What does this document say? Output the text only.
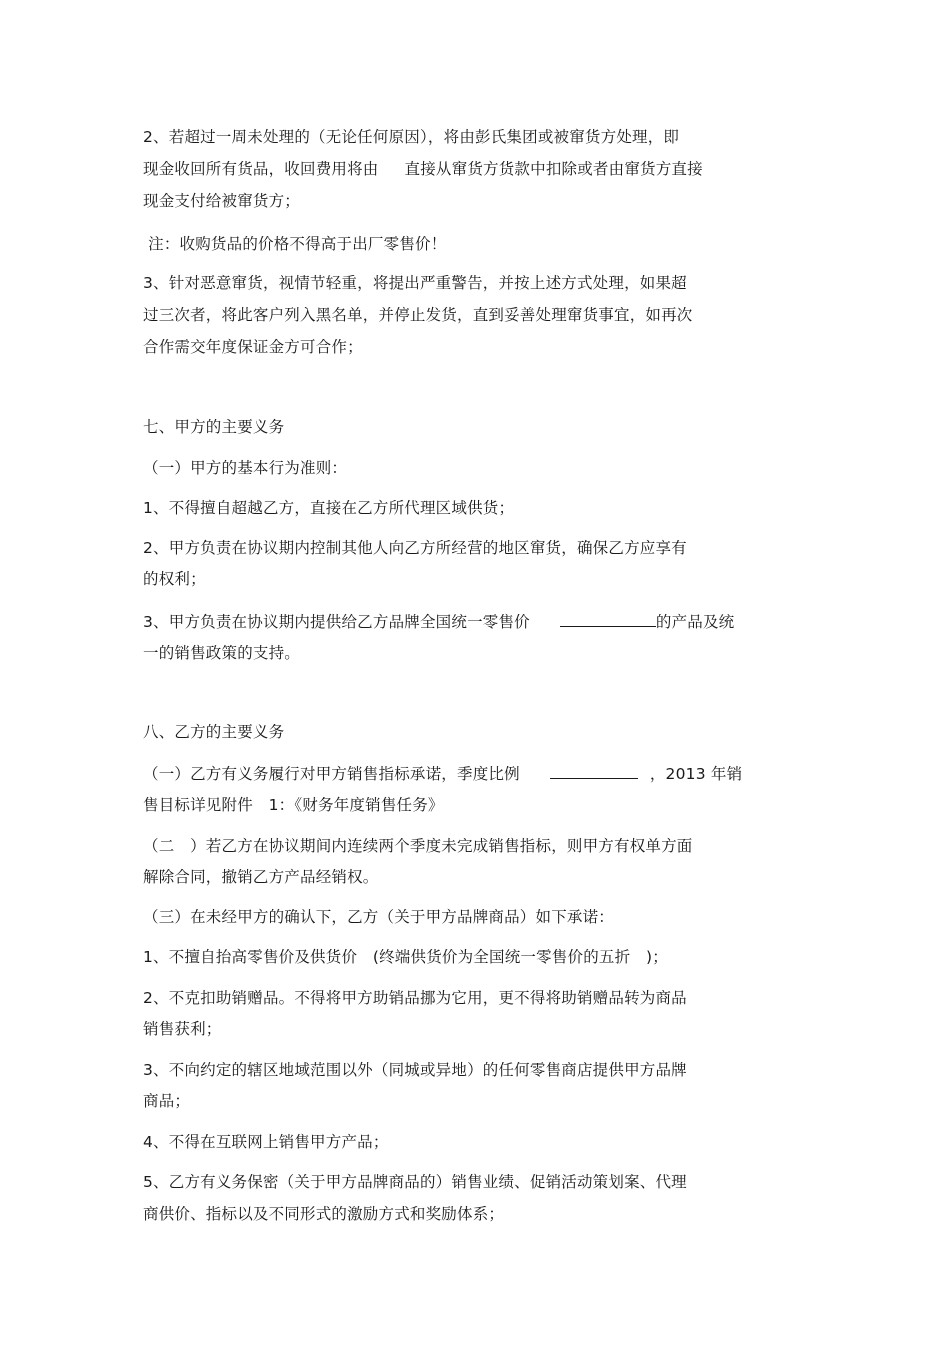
2、若超过一周未处理的（无论任何原因），将由彭氏集团或被窜货方处理，即
现金收回所有货品，收回费用将由 直接从窜货方货款中扣除或者由窜货方直接
现金支付给被窜货方；
注：收购货品的价格不得高于出厂零售价！
3、针对恶意窜货，视情节轻重，将提出严重警告，并按上述方式处理，如果超
过三次者，将此客户列入黑名单，并停止发货，直到妥善处理窜货事宜，如再次
合作需交年度保证金方可合作；
七、甲方的主要义务
（一）甲方的基本行为准则：
1、不得擅自超越乙方，直接在乙方所代理区域供货；
2、甲方负责在协议期内控制其他人向乙方所经营的地区窜货，确保乙方应享有
的权利；
3、甲方负责在协议期内提供给乙方品牌全国统一零售价	的产品及统
一的销售政策的支持。
八、乙方的主要义务
（一）乙方有义务履行对甲方销售指标承诺，季度比例	，2013 年销
售目标详见附件　1：《财务年度销售任务》
（二　）若乙方在协议期间内连续两个季度未完成销售指标，则甲方有权单方面
解除合同，撤销乙方产品经销权。
（三）在未经甲方的确认下，乙方（关于甲方品牌商品）如下承诺：
1、不擅自抬高零售价及供货价　(终端供货价为全国统一零售价的五折　)；
2、不克扣助销赠品。不得将甲方助销品挪为它用，更不得将助销赠品转为商品
销售获利；
3、不向约定的辖区地域范围以外（同城或异地）的任何零售商店提供甲方品牌
商品；
4、不得在互联网上销售甲方产品；
5、乙方有义务保密（关于甲方品牌商品的）销售业绩、促销活动策划案、代理
商供价、指标以及不同形式的激励方式和奖励体系；
